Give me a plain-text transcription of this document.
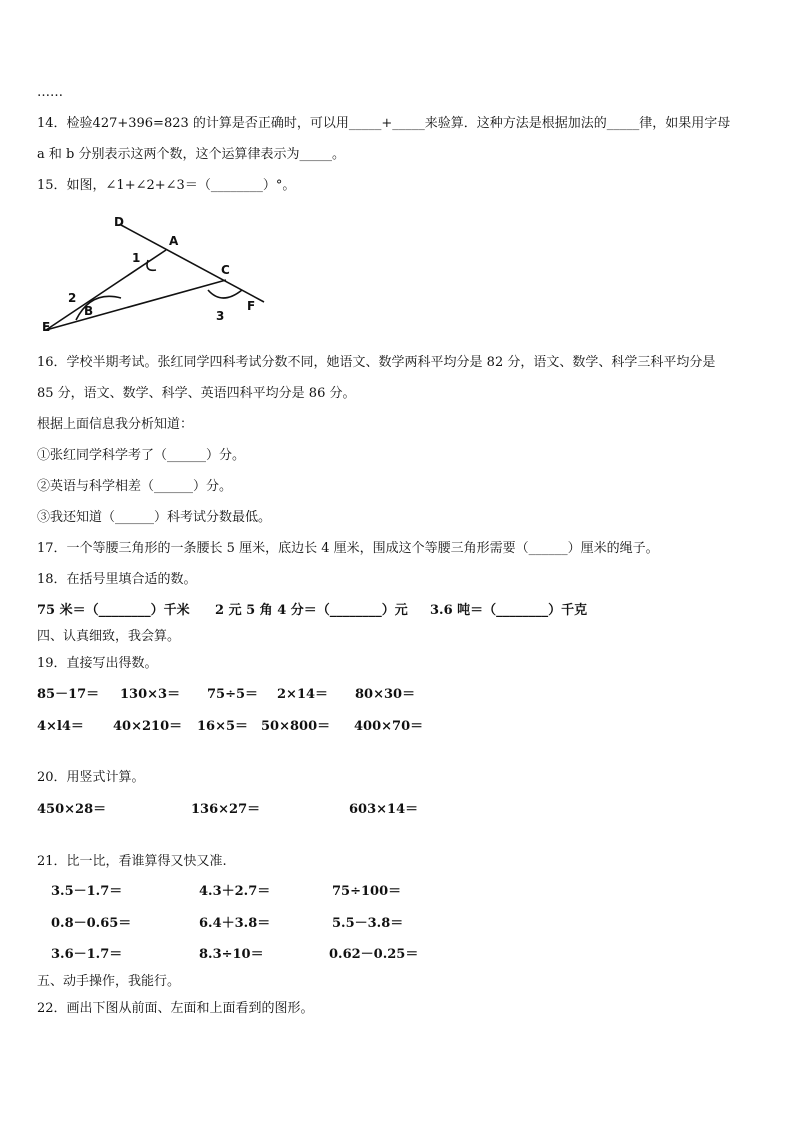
……
14．检验427+396=823 的计算是否正确时，可以用_____+_____来验算．这种方法是根据加法的_____律，如果用字母
a 和 b 分别表示这两个数，这个运算律表示为_____。
15．如图，∠1+∠2+∠3＝（________）°。
D
A
C
F
B
E
1
2
3
16．学校半期考试。张红同学四科考试分数不同，她语文、数学两科平均分是 82 分，语文、数学、科学三科平均分是
85 分，语文、数学、科学、英语四科平均分是 86 分。
根据上面信息我分析知道：
①张红同学科学考了（______）分。
②英语与科学相差（______）分。
③我还知道（______）科考试分数最低。
17．一个等腰三角形的一条腰长 5 厘米，底边长 4 厘米，围成这个等腰三角形需要（______）厘米的绳子。
18．在括号里填合适的数。
75 米＝（________）千米 2 元 5 角 4 分＝（________）元 3.6 吨＝（________）千克
四、认真细致，我会算。
19．直接写出得数。
85－17＝ 130×3＝ 75÷5＝ 2×14＝ 80×30＝
4×l4＝ 40×210＝ 16×5＝ 50×800＝ 400×70＝
20．用竖式计算。
450×28＝	136×27＝	603×14＝
21．比一比，看谁算得又快又准.
3.5－1.7＝	4.3＋2.7＝	75÷100＝
0.8－0.65＝	6.4＋3.8＝	5.5－3.8＝
3.6－1.7＝	8.3÷10＝	0.62－0.25＝
五、动手操作，我能行。
22．画出下图从前面、左面和上面看到的图形。
